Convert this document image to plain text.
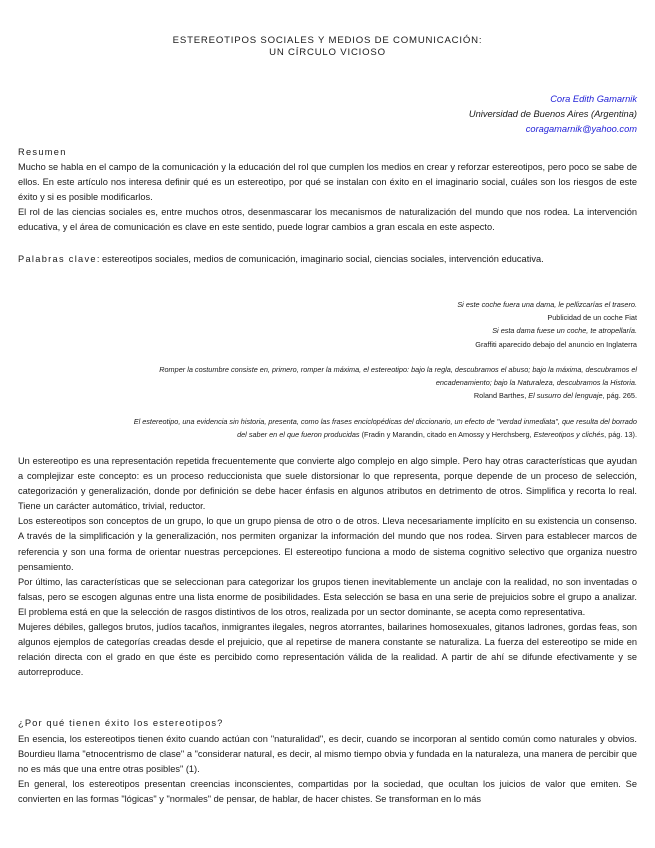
ESTEREOTIPOS SOCIALES Y MEDIOS DE COMUNICACIÓN:
UN CÍRCULO VICIOSO
Cora Edith Gamarnik
Universidad de Buenos Aires (Argentina)
coragamarnik@yahoo.com
Resumen

Mucho se habla en el campo de la comunicación y la educación del rol que cumplen los medios en crear y reforzar estereotipos, pero poco se sabe de ellos. En este artículo nos interesa definir qué es un estereotipo, por qué se instalan con éxito en el imaginario social, cuáles son los riesgos de este éxito y si es posible modificarlos.

El rol de las ciencias sociales es, entre muchos otros, desenmascarar los mecanismos de naturalización del mundo que nos rodea. La intervención educativa, y el área de comunicación es clave en este sentido, puede lograr cambios a gran escala en este aspecto.

Palabras clave: estereotipos sociales, medios de comunicación, imaginario social, ciencias sociales, intervención educativa.
Si este coche fuera una dama, le pellizcarías el trasero.
Publicidad de un coche Fiat
Si esta dama fuese un coche, te atropellaría.
Graffiti aparecido debajo del anuncio en Inglaterra
Romper la costumbre consiste en, primero, romper la máxima, el estereotipo: bajo la regla, descubramos el abuso; bajo la máxima, descubramos el
encadenamiento; bajo la Naturaleza, descubramos la Historia.
Roland Barthes, El susurro del lenguaje, pág. 265.
El estereotipo, una evidencia sin historia, presenta, como las frases enciclopédicas del diccionario, un efecto de "verdad inmediata", que resulta del borrado
del saber en el que fueron producidas (Fradin y Marandin, citado en Amossy y Herchsberg, Estereotipos y clichés, pág. 13).

Un estereotipo es una representación repetida frecuentemente que convierte algo complejo en algo simple. Pero hay otras características que ayudan a complejizar este concepto: es un proceso reduccionista que suele distorsionar lo que representa, porque depende de un proceso de selección, categorización y generalización, donde por definición se debe hacer énfasis en algunos atributos en detrimento de otros. Simplifica y recorta lo real. Tiene un carácter automático, trivial, reductor.

Los estereotipos son conceptos de un grupo, lo que un grupo piensa de otro o de otros. Lleva necesariamente implícito en su existencia un consenso. A través de la simplificación y la generalización, nos permiten organizar la información del mundo que nos rodea. Sirven para establecer marcos de referencia y son una forma de orientar nuestras percepciones. El estereotipo funciona a modo de sistema cognitivo selectivo que organiza nuestro pensamiento.

Por último, las características que se seleccionan para categorizar los grupos tienen inevitablemente un anclaje con la realidad, no son inventadas o falsas, pero se escogen algunas entre una lista enorme de posibilidades. Esta selección se basa en una serie de prejuicios sobre el grupo a analizar. El problema está en que la selección de rasgos distintivos de los otros, realizada por un sector dominante, se acepta como representativa.

Mujeres débiles, gallegos brutos, judíos tacaños, inmigrantes ilegales, negros atorrantes, bailarines homosexuales, gitanos ladrones, gordas feas, son algunos ejemplos de categorías creadas desde el prejuicio, que al repetirse de manera constante se naturaliza. La fuerza del estereotipo se mide en relación directa con el grado en que éste es percibido como representación válida de la realidad. A partir de ahí se difunde efectivamente y se autorreproduce.

¿Por qué tienen éxito los estereotipos?

En esencia, los estereotipos tienen éxito cuando actúan con "naturalidad", es decir, cuando se incorporan al sentido común como naturales y obvios. Bourdieu llama "etnocentrismo de clase" a "considerar natural, es decir, al mismo tiempo obvia y fundada en la naturaleza, una manera de percibir que no es más que una entre otras posibles" (1).

En general, los estereotipos presentan creencias inconscientes, compartidas por la sociedad, que ocultan los juicios de valor que emiten. Se convierten en las formas "lógicas" y "normales" de pensar, de hablar, de hacer chistes. Se transforman en lo más
